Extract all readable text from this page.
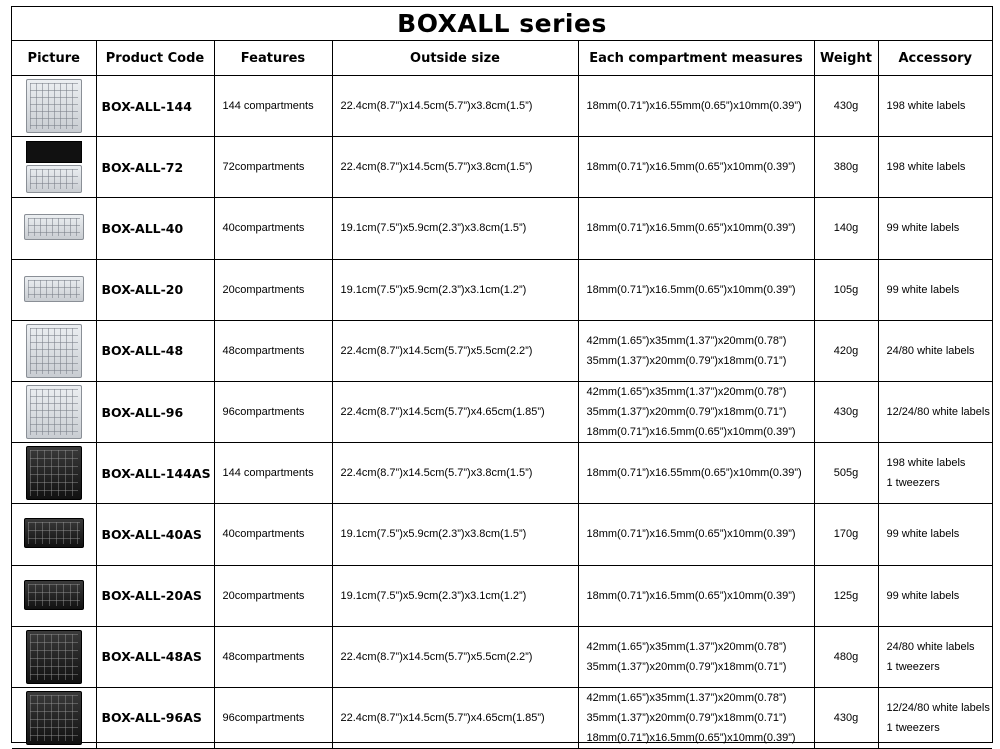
BOXALL series
Picture	Product Code	Features	Outside size	Each compartment measures	Weight	Accessory

	BOX-ALL-144	144 compartments	22.4cm(8.7”)x14.5cm(5.7”)x3.8cm(1.5”)	18mm(0.71”)x16.55mm(0.65”)x10mm(0.39”)	430g	198 white labels

	BOX-ALL-72	72compartments	22.4cm(8.7”)x14.5cm(5.7”)x3.8cm(1.5”)	18mm(0.71”)x16.5mm(0.65”)x10mm(0.39”)	380g	198 white labels

	BOX-ALL-40	40compartments	19.1cm(7.5”)x5.9cm(2.3”)x3.8cm(1.5”)	18mm(0.71”)x16.5mm(0.65”)x10mm(0.39”)	140g	99 white labels

	BOX-ALL-20	20compartments	19.1cm(7.5”)x5.9cm(2.3”)x3.1cm(1.2”)	18mm(0.71”)x16.5mm(0.65”)x10mm(0.39”)	105g	99 white labels

	BOX-ALL-48	48compartments	22.4cm(8.7”)x14.5cm(5.7”)x5.5cm(2.2”)	42mm(1.65”)x35mm(1.37”)x20mm(0.78”)
35mm(1.37”)x20mm(0.79”)x18mm(0.71”)	420g	24/80 white labels

	BOX-ALL-96	96compartments	22.4cm(8.7”)x14.5cm(5.7”)x4.65cm(1.85”)	42mm(1.65”)x35mm(1.37”)x20mm(0.78”)
35mm(1.37”)x20mm(0.79”)x18mm(0.71”)
18mm(0.71”)x16.5mm(0.65”)x10mm(0.39”)	430g	12/24/80 white labels

	BOX-ALL-144AS	144 compartments	22.4cm(8.7”)x14.5cm(5.7”)x3.8cm(1.5”)	18mm(0.71”)x16.55mm(0.65”)x10mm(0.39”)	505g	198 white labels
1 tweezers

	BOX-ALL-40AS	40compartments	19.1cm(7.5”)x5.9cm(2.3”)x3.8cm(1.5”)	18mm(0.71”)x16.5mm(0.65”)x10mm(0.39”)	170g	99 white labels

	BOX-ALL-20AS	20compartments	19.1cm(7.5”)x5.9cm(2.3”)x3.1cm(1.2”)	18mm(0.71”)x16.5mm(0.65”)x10mm(0.39”)	125g	99 white labels

	BOX-ALL-48AS	48compartments	22.4cm(8.7”)x14.5cm(5.7”)x5.5cm(2.2”)	42mm(1.65”)x35mm(1.37”)x20mm(0.78”)
35mm(1.37”)x20mm(0.79”)x18mm(0.71”)	480g	24/80 white labels
1 tweezers

	BOX-ALL-96AS	96compartments	22.4cm(8.7”)x14.5cm(5.7”)x4.65cm(1.85”)	42mm(1.65”)x35mm(1.37”)x20mm(0.78”)
35mm(1.37”)x20mm(0.79”)x18mm(0.71”)
18mm(0.71”)x16.5mm(0.65”)x10mm(0.39”)	430g	12/24/80 white labels
1 tweezers
